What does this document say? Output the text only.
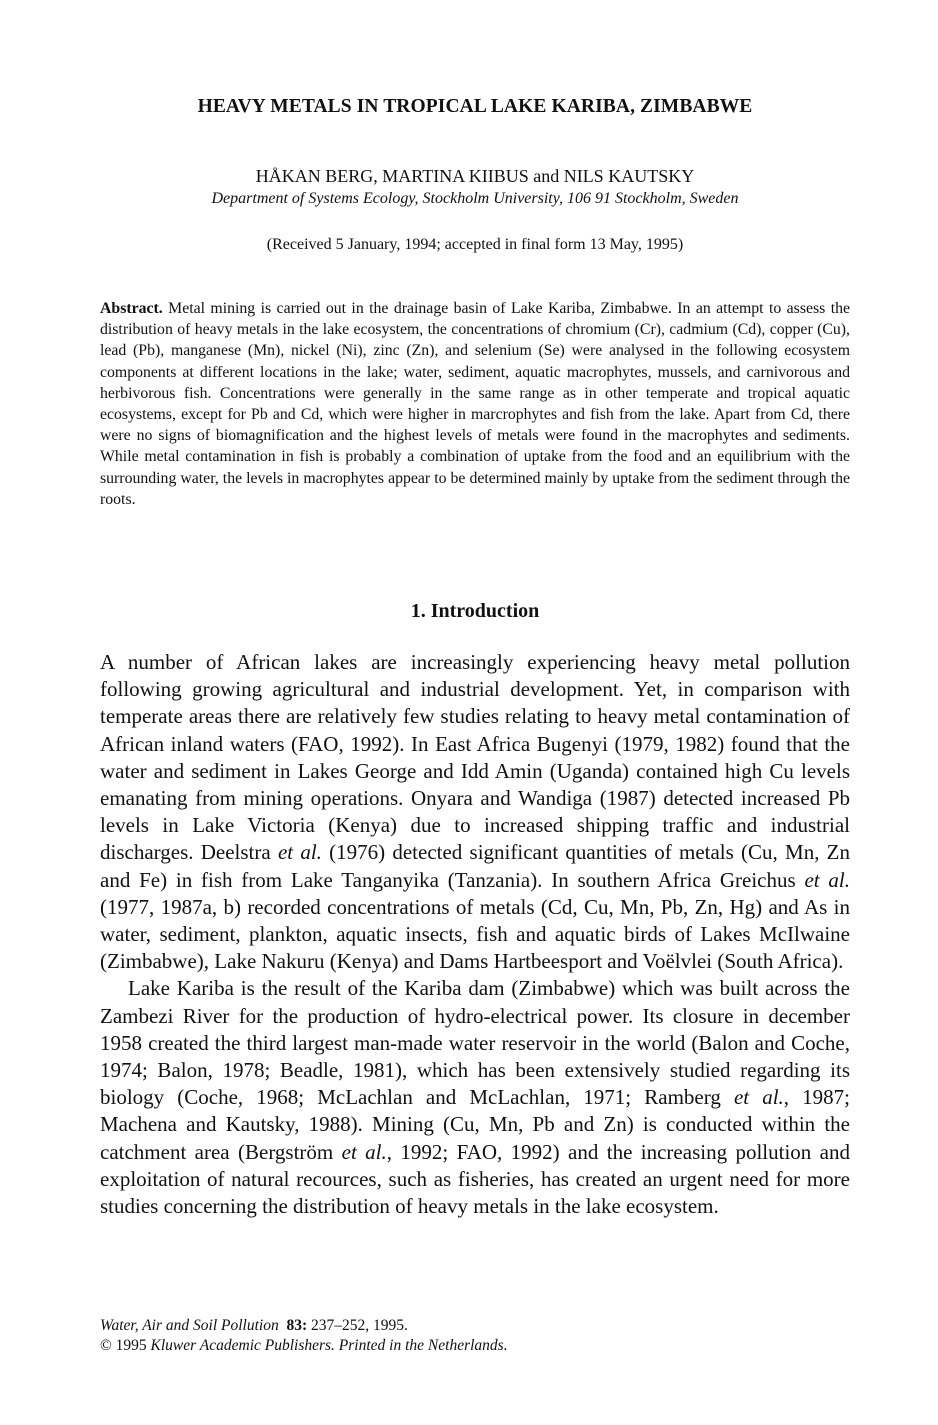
HEAVY METALS IN TROPICAL LAKE KARIBA, ZIMBABWE

HÅKAN BERG, MARTINA KIIBUS and NILS KAUTSKY

Department of Systems Ecology, Stockholm University, 106 91 Stockholm, Sweden

(Received 5 January, 1994; accepted in final form 13 May, 1995)

Abstract. Metal mining is carried out in the drainage basin of Lake Kariba, Zimbabwe. In an attempt to assess the distribution of heavy metals in the lake ecosystem, the concentrations of chromium (Cr), cadmium (Cd), copper (Cu), lead (Pb), manganese (Mn), nickel (Ni), zinc (Zn), and selenium (Se) were analysed in the following ecosystem components at different locations in the lake; water, sediment, aquatic macrophytes, mussels, and carnivorous and herbivorous fish. Concentrations were generally in the same range as in other temperate and tropical aquatic ecosystems, except for Pb and Cd, which were higher in marcrophytes and fish from the lake. Apart from Cd, there were no signs of biomagnification and the highest levels of metals were found in the macrophytes and sediments. While metal contamination in fish is probably a combination of uptake from the food and an equilibrium with the surrounding water, the levels in macrophytes appear to be determined mainly by uptake from the sediment through the roots.

1. Introduction

A number of African lakes are increasingly experiencing heavy metal pollution following growing agricultural and industrial development. Yet, in comparison with temperate areas there are relatively few studies relating to heavy metal contamination of African inland waters (FAO, 1992). In East Africa Bugenyi (1979, 1982) found that the water and sediment in Lakes George and Idd Amin (Uganda) contained high Cu levels emanating from mining operations. Onyara and Wandiga (1987) detected increased Pb levels in Lake Victoria (Kenya) due to increased shipping traffic and industrial discharges. Deelstra et al. (1976) detected significant quantities of metals (Cu, Mn, Zn and Fe) in fish from Lake Tanganyika (Tanzania). In southern Africa Greichus et al. (1977, 1987a, b) recorded concentrations of metals (Cd, Cu, Mn, Pb, Zn, Hg) and As in water, sediment, plankton, aquatic insects, fish and aquatic birds of Lakes McIlwaine (Zimbabwe), Lake Nakuru (Kenya) and Dams Hartbeesport and Voëlvlei (South Africa).

Lake Kariba is the result of the Kariba dam (Zimbabwe) which was built across the Zambezi River for the production of hydro-electrical power. Its closure in december 1958 created the third largest man-made water reservoir in the world (Balon and Coche, 1974; Balon, 1978; Beadle, 1981), which has been extensively studied regarding its biology (Coche, 1968; McLachlan and McLachlan, 1971; Ramberg et al., 1987; Machena and Kautsky, 1988). Mining (Cu, Mn, Pb and Zn) is conducted within the catchment area (Bergström et al., 1992; FAO, 1992) and the increasing pollution and exploitation of natural recources, such as fisheries, has created an urgent need for more studies concerning the distribution of heavy metals in the lake ecosystem.

Water, Air and Soil Pollution 83: 237–252, 1995.
© 1995 Kluwer Academic Publishers. Printed in the Netherlands.
